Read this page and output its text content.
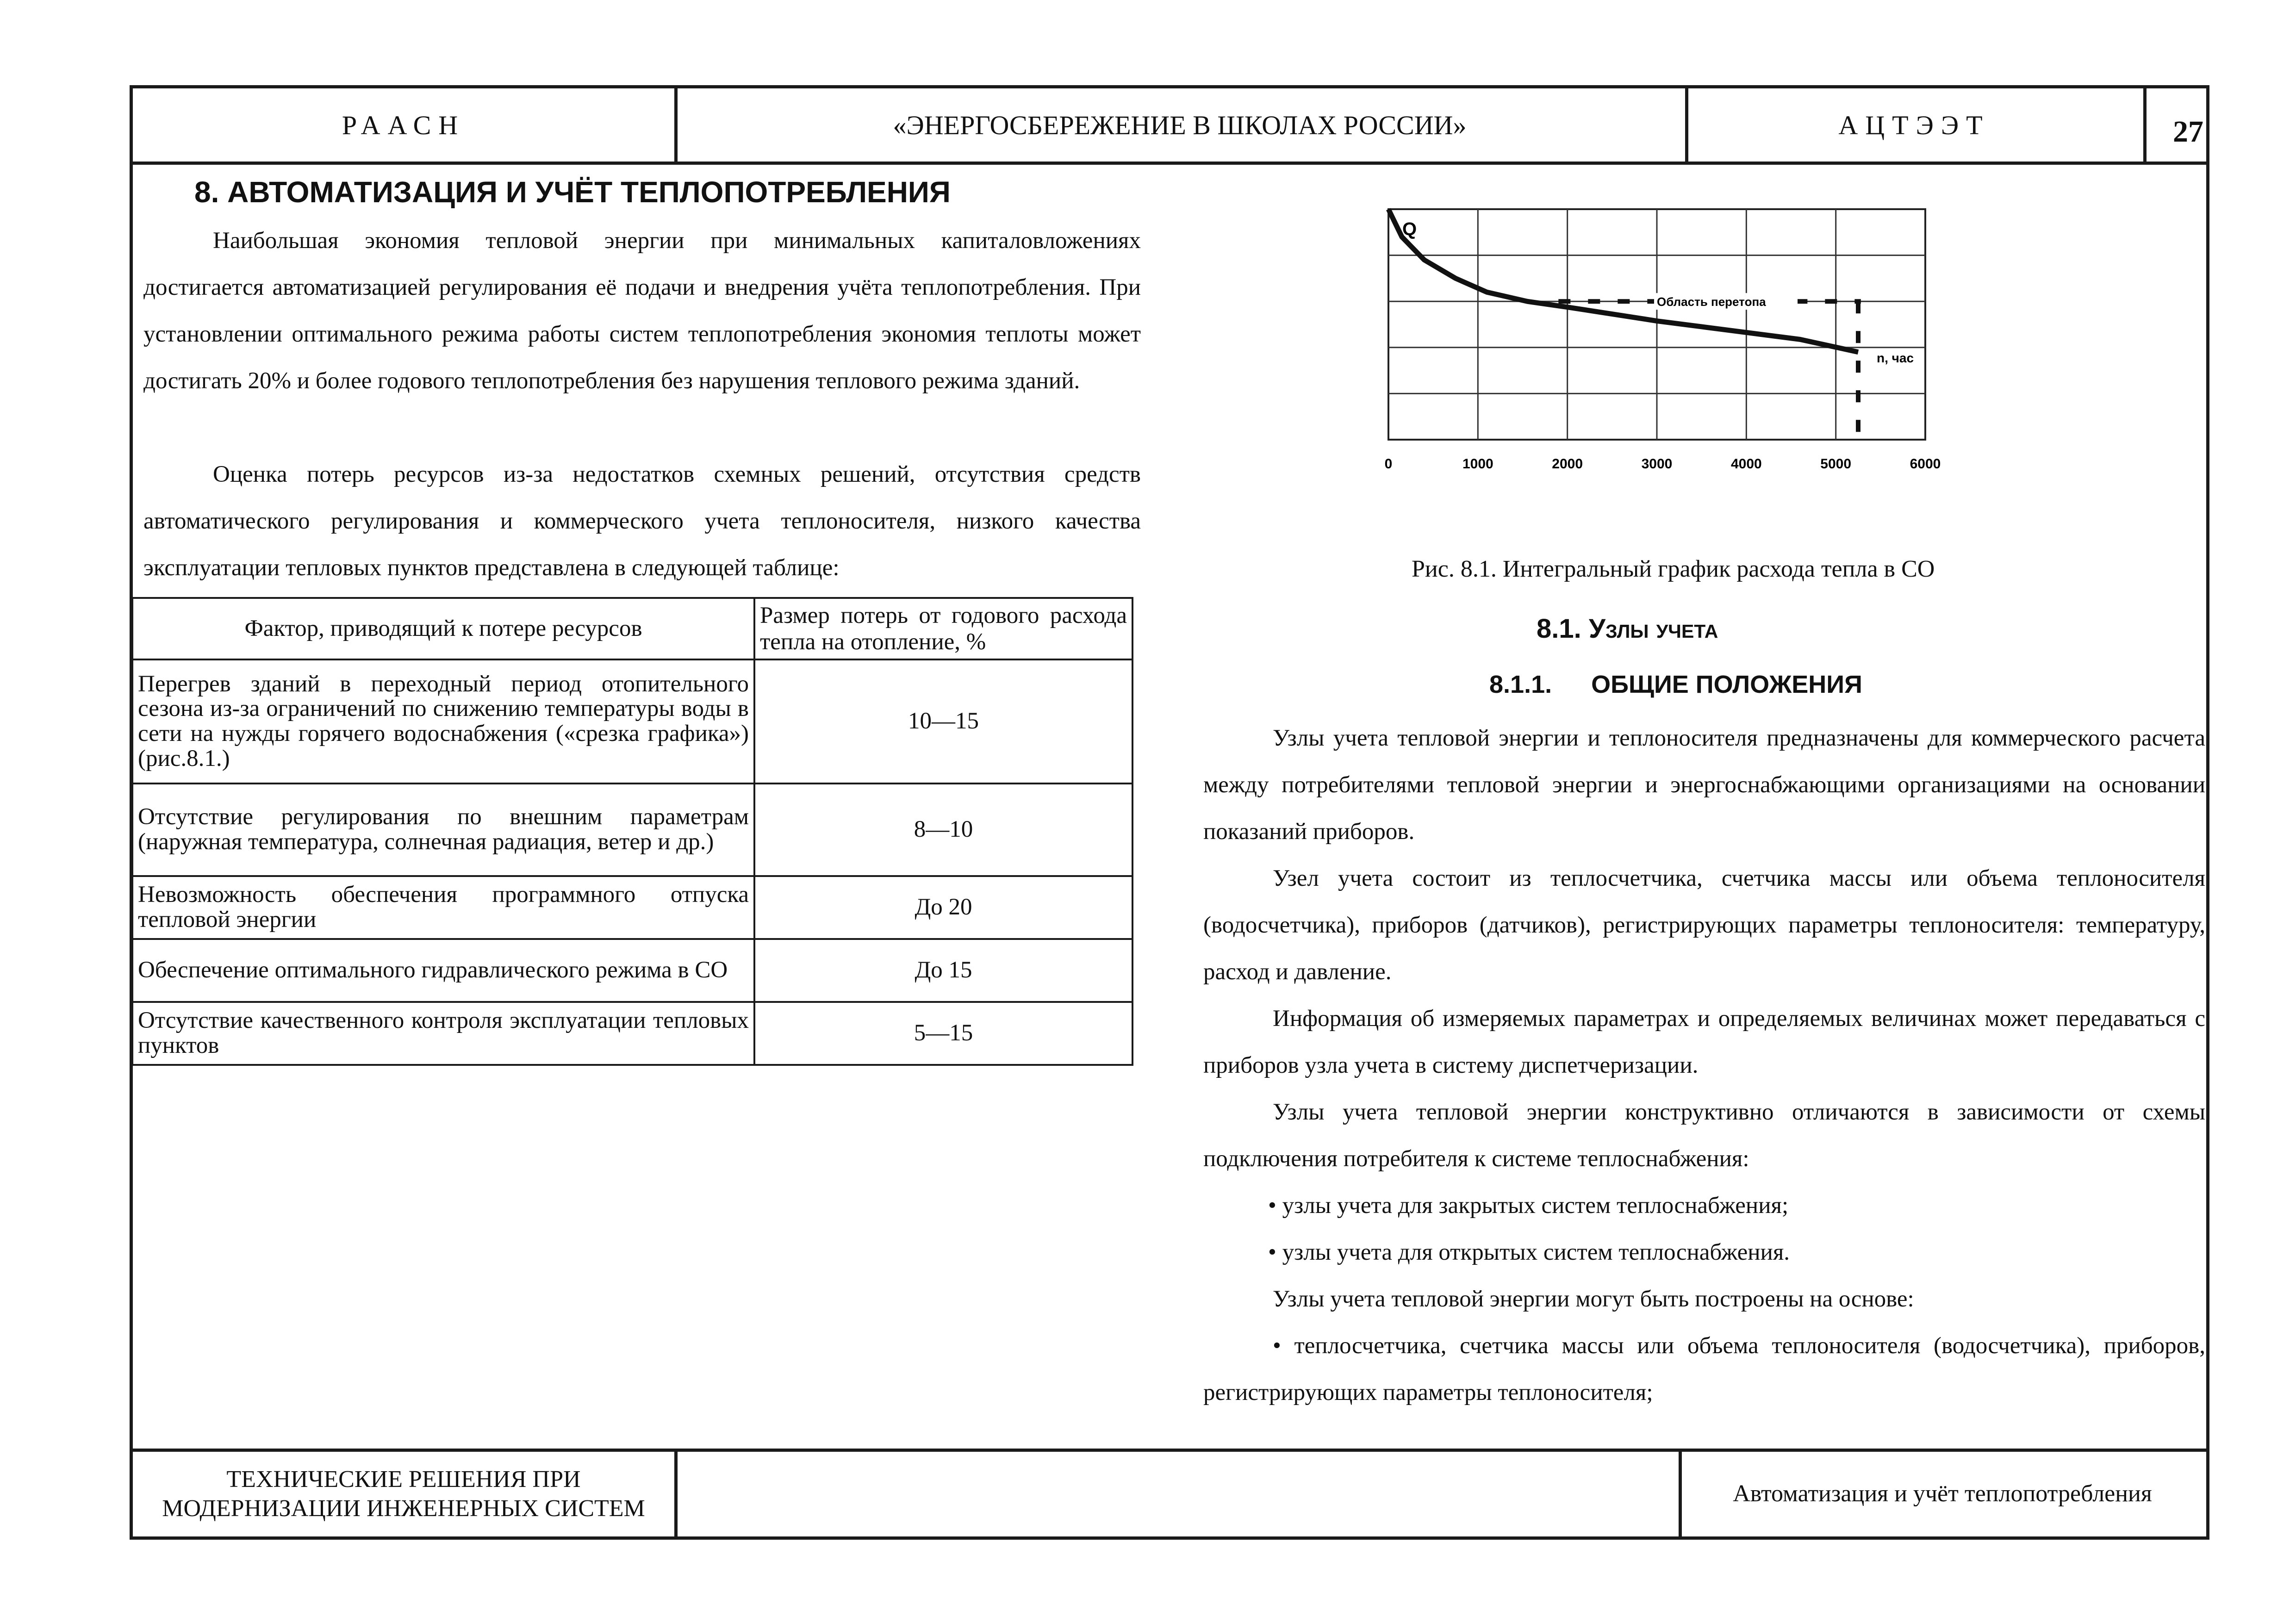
РААСН	«ЭНЕРГОСБЕРЕЖЕНИЕ В ШКОЛАХ РОССИИ»	АЦТЭЭТ	27
ТЕХНИЧЕСКИЕ РЕШЕНИЯ ПРИ МОДЕРНИЗАЦИИ ИНЖЕНЕРНЫХ СИСТЕМ
Автоматизация и учёт теплопотребления
8. АВТОМАТИЗАЦИЯ И УЧЁТ ТЕПЛОПОТРЕБЛЕНИЯ

Наибольшая экономия тепловой энергии при минимальных капиталовложениях достигается автоматизацией регулирования её подачи и внедрения учёта теплопотребления. При установлении оптимального режима работы систем теплопотребления экономия теплоты может достигать 20% и более годового теплопотребления без нарушения теплового режима зданий.

Оценка потерь ресурсов из-за недостатков схемных решений, отсутствия средств автоматического регулирования и коммерческого учета теплоносителя, низкого качества эксплуатации тепловых пунктов представлена в следующей таблице:

Фактор, приводящий к потере ресурсов	Размер потерь от годового расхода тепла на отопление, %
Перегрев зданий в переходный период отопительного сезона из-за ограничений по снижению температуры воды в сети на нужды горячего водоснабжения («срезка графика») (рис.8.1.)	10—15
Отсутствие регулирования по внешним параметрам (наружная температура, солнечная радиация, ветер и др.)	8—10
Невозможность обеспечения программного отпуска тепловой энергии	До 20
Обеспечение оптимального гидравлического режима в СО	До 15
Отсутствие качественного контроля эксплуатации тепловых пунктов	5—15
Q
0	1000	2000	3000	4000	5000	6000
Область перетопа
n, час
Рис. 8.1. Интегральный график расхода тепла в СО
8.1. Узлы учета
8.1.1. ОБЩИЕ ПОЛОЖЕНИЯ

Узлы учета тепловой энергии и теплоносителя предназначены для коммерческого расчета между потребителями тепловой энергии и энергоснабжающими организациями на основании показаний приборов.

Узел учета состоит из теплосчетчика, счетчика массы или объема теплоносителя (водосчетчика), приборов (датчиков), регистрирующих параметры теплоносителя: температуру, расход и давление.

Информация об измеряемых параметрах и определяемых величинах может передаваться с приборов узла учета в систему диспетчеризации.

Узлы учета тепловой энергии конструктивно отличаются в зависимости от схемы подключения потребителя к системе теплоснабжения:

• узлы учета для закрытых систем теплоснабжения;

• узлы учета для открытых систем теплоснабжения.

Узлы учета тепловой энергии могут быть построены на основе:

• теплосчетчика, счетчика массы или объема теплоносителя (водосчетчика), приборов, регистрирующих параметры теплоносителя;
